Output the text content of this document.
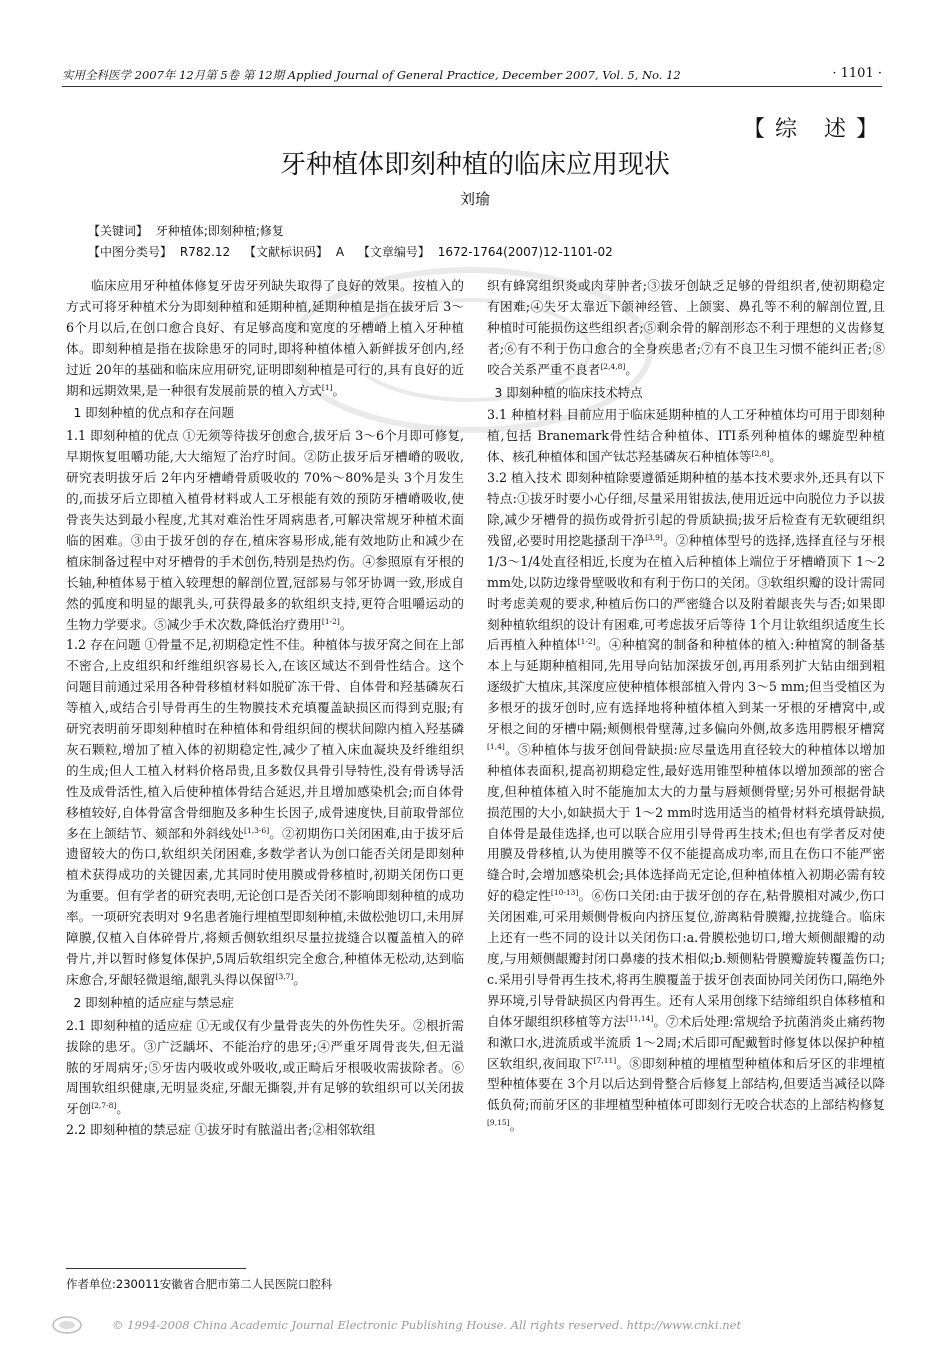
实用全科医学 2007年 12月第 5卷 第 12期 Applied Journal of General Practice, December 2007, Vol. 5, No. 12	· 1101 ·
【综 述】
牙种植体即刻种植的临床应用现状
刘瑜
【关键词】 牙种植体;即刻种植;修复
【中图分类号】 R782.12 【文献标识码】 A 【文章编号】 1672-1764(2007)12-1101-02

临床应用牙种植体修复牙齿牙列缺失取得了良好的效果。按植入的方式可将牙种植术分为即刻种植和延期种植,延期种植是指在拔牙后 3～6个月以后,在创口愈合良好、有足够高度和宽度的牙槽嵴上植入牙种植体。即刻种植是指在拔除患牙的同时,即将种植体植入新鲜拔牙创内,经过近 20年的基础和临床应用研究,证明即刻种植是可行的,具有良好的近期和远期效果,是一种很有发展前景的植入方式[1]。

1 即刻种植的优点和存在问题

1.1 即刻种植的优点 ①无须等待拔牙创愈合,拔牙后 3～6个月即可修复,早期恢复咀嚼功能,大大缩短了治疗时间。②防止拔牙后牙槽嵴的吸收,研究表明拔牙后 2年内牙槽嵴骨质吸收的 70%～80%是头 3个月发生的,而拔牙后立即植入植骨材料或人工牙根能有效的预防牙槽嵴吸收,使骨丧失达到最小程度,尤其对难治性牙周病患者,可解决常规牙种植术面临的困难。③由于拔牙创的存在,植床容易形成,能有效地防止和减少在植床制备过程中对牙槽骨的手术创伤,特别是热灼伤。④参照原有牙根的长轴,种植体易于植入较理想的解剖位置,冠部易与邻牙协调一致,形成自然的弧度和明显的龈乳头,可获得最多的软组织支持,更符合咀嚼运动的生物力学要求。⑤减少手术次数,降低治疗费用[1-2]。

1.2 存在问题 ①骨量不足,初期稳定性不佳。种植体与拔牙窝之间在上部不密合,上皮组织和纤维组织容易长入,在该区域达不到骨性结合。这个问题目前通过采用各种骨移植材料如脱矿冻干骨、自体骨和羟基磷灰石等植入,或结合引导骨再生的生物膜技术充填覆盖缺损区而得到克服;有研究表明前牙即刻种植时在种植体和骨组织间的楔状间隙内植入羟基磷灰石颗粒,增加了植入体的初期稳定性,减少了植入床血凝块及纤维组织的生成;但人工植入材料价格昂贵,且多数仅具骨引导特性,没有骨诱导活性及成骨活性,植入后使种植体骨结合延迟,并且增加感染机会;而自体骨移植较好,自体骨富含骨细胞及多种生长因子,成骨速度快,目前取骨部位多在上颌结节、颏部和外斜线处[1,3-6]。②初期伤口关闭困难,由于拔牙后遗留较大的伤口,软组织关闭困难,多数学者认为创口能否关闭是即刻种植术获得成功的关键因素,尤其同时使用膜或骨移植时,初期关闭伤口更为重要。但有学者的研究表明,无论创口是否关闭不影响即刻种植的成功率。一项研究表明对 9名患者施行埋植型即刻种植,未做松弛切口,未用屏障膜,仅植入自体碎骨片,将颊舌侧软组织尽量拉拢缝合以覆盖植入的碎骨片,并以暂时修复体保护,5周后软组织完全愈合,种植体无松动,达到临床愈合,牙龈轻微退缩,龈乳头得以保留[3,7]。

2 即刻种植的适应症与禁忌症

2.1 即刻种植的适应症 ①无或仅有少量骨丧失的外伤性失牙。②根折需拔除的患牙。③广泛龋坏、不能治疗的患牙;④严重牙周骨丧失,但无溢脓的牙周病牙;⑤牙齿内吸收或外吸收,或正畸后牙根吸收需拔除者。⑥周围软组织健康,无明显炎症,牙龈无撕裂,并有足够的软组织可以关闭拔牙创[2,7-8]。

2.2 即刻种植的禁忌症 ①拔牙时有脓溢出者;②相邻软组

织有蜂窝组织炎或肉芽肿者;③拔牙创缺乏足够的骨组织者,使初期稳定有困难;④失牙太靠近下颌神经管、上颌窦、鼻孔等不利的解剖位置,且种植时可能损伤这些组织者;⑤剩余骨的解剖形态不利于理想的义齿修复者;⑥有不利于伤口愈合的全身疾患者;⑦有不良卫生习惯不能纠正者;⑧咬合关系严重不良者[2,4,8]。

3 即刻种植的临床技术特点

3.1 种植材料 目前应用于临床延期种植的人工牙种植体均可用于即刻种植,包括 Branemark骨性结合种植体、ITI系列种植体的螺旋型种植体、核孔种植体和国产钛芯羟基磷灰石种植体等[2,8]。

3.2 植入技术 即刻种植除要遵循延期种植的基本技术要求外,还具有以下特点:①拔牙时要小心仔细,尽量采用钳拔法,使用近远中向脱位力予以拔除,减少牙槽骨的损伤或骨折引起的骨质缺损;拔牙后检查有无软硬组织残留,必要时用挖匙搔刮干净[3,9]。②种植体型号的选择,选择直径与牙根 1/3～1/4处直径相近,长度为在植入后种植体上端位于牙槽嵴顶下 1～2 mm处,以防边缘骨壁吸收和有利于伤口的关闭。③软组织瓣的设计需同时考虑美观的要求,种植后伤口的严密缝合以及附着龈丧失与否;如果即刻种植软组织的设计有困难,可考虑拔牙后等待 1个月让软组织适度生长后再植入种植体[1-2]。④种植窝的制备和种植体的植入:种植窝的制备基本上与延期种植相同,先用导向钻加深拔牙创,再用系列扩大钻由细到粗逐级扩大植床,其深度应使种植体根部植入骨内 3～5 mm;但当受植区为多根牙的拔牙创时,应有选择地将种植体植入到某一牙根的牙槽窝中,或牙根之间的牙槽中隔;颊侧根骨壁薄,过多偏向外侧,故多选用腭根牙槽窝[1,4]。⑤种植体与拔牙创间骨缺损:应尽量选用直径较大的种植体以增加种植体表面积,提高初期稳定性,最好选用锥型种植体以增加颈部的密合度,但种植体植入时不能施加太大的力量与唇颊侧骨壁;另外可根据骨缺损范围的大小,如缺损大于 1～2 mm时选用适当的植骨材料充填骨缺损,自体骨是最佳选择,也可以联合应用引导骨再生技术;但也有学者反对使用膜及骨移植,认为使用膜等不仅不能提高成功率,而且在伤口不能严密缝合时,会增加感染机会;具体选择尚无定论,但种植体植入初期必需有较好的稳定性[10-13]。⑥伤口关闭:由于拔牙创的存在,粘骨膜相对减少,伤口关闭困难,可采用颊侧骨板向内挤压复位,游离粘骨膜瓣,拉拢缝合。临床上还有一些不同的设计以关闭伤口:a.骨膜松弛切口,增大颊侧龈瓣的动度,与用颊侧龈瓣封闭口鼻瘘的技术相似;b.颊侧粘骨膜瓣旋转覆盖伤口;c.采用引导骨再生技术,将再生膜覆盖于拔牙创表面协同关闭伤口,隔绝外界环境,引导骨缺损区内骨再生。还有人采用创缘下结缔组织自体移植和自体牙龈组织移植等方法[11,14]。⑦术后处理:常规给予抗菌消炎止痛药物和漱口水,进流质或半流质 1～2周;术后即可配戴暂时修复体以保护种植区软组织,夜间取下[7,11]。⑧即刻种植的埋植型种植体和后牙区的非埋植型种植体要在 3个月以后达到骨整合后修复上部结构,但要适当减径以降低负荷;而前牙区的非埋植型种植体可即刻行无咬合状态的上部结构修复[9,15]。

作者单位:230011安徽省合肥市第二人民医院口腔科
© 1994-2008 China Academic Journal Electronic Publishing House. All rights reserved. http://www.cnki.net
